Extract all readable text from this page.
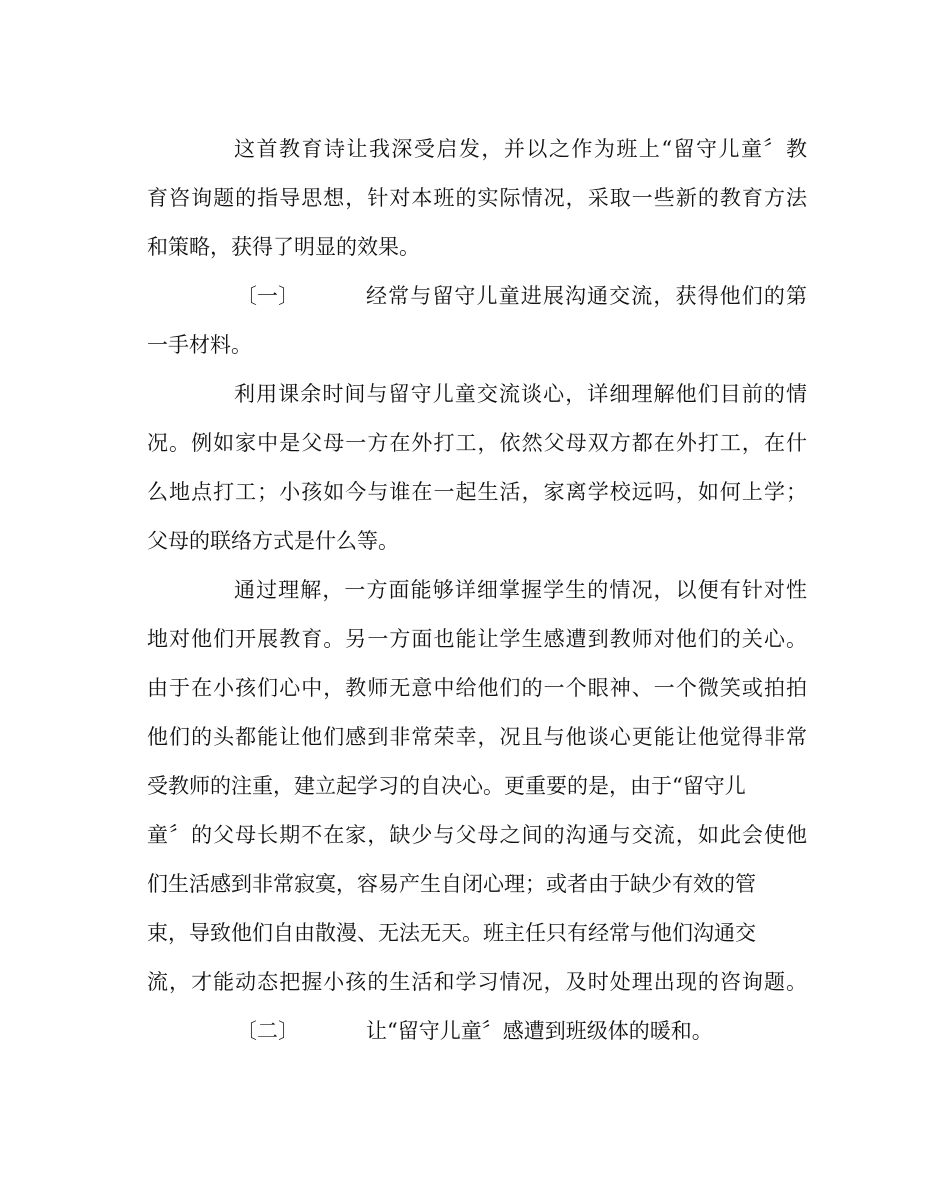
这首教育诗让我深受启发，并以之作为班上“留守儿童〞教

育咨询题的指导思想，针对本班的实际情况，采取一些新的教育方法

和策略，获得了明显的效果。

〔一〕	经常与留守儿童进展沟通交流，获得他们的第

一手材料。

利用课余时间与留守儿童交流谈心，详细理解他们目前的情

况。例如家中是父母一方在外打工，依然父母双方都在外打工，在什

么地点打工；小孩如今与谁在一起生活，家离学校远吗，如何上学；

父母的联络方式是什么等。

通过理解，一方面能够详细掌握学生的情况，以便有针对性

地对他们开展教育。另一方面也能让学生感遭到教师对他们的关心。

由于在小孩们心中，教师无意中给他们的一个眼神、一个微笑或拍拍

他们的头都能让他们感到非常荣幸，况且与他谈心更能让他觉得非常

受教师的注重，建立起学习的自决心。更重要的是，由于“留守儿

童〞的父母长期不在家，缺少与父母之间的沟通与交流，如此会使他

们生活感到非常寂寞，容易产生自闭心理；或者由于缺少有效的管

束，导致他们自由散漫、无法无天。班主任只有经常与他们沟通交

流，才能动态把握小孩的生活和学习情况，及时处理出现的咨询题。

〔二〕	让“留守儿童〞感遭到班级体的暖和。
